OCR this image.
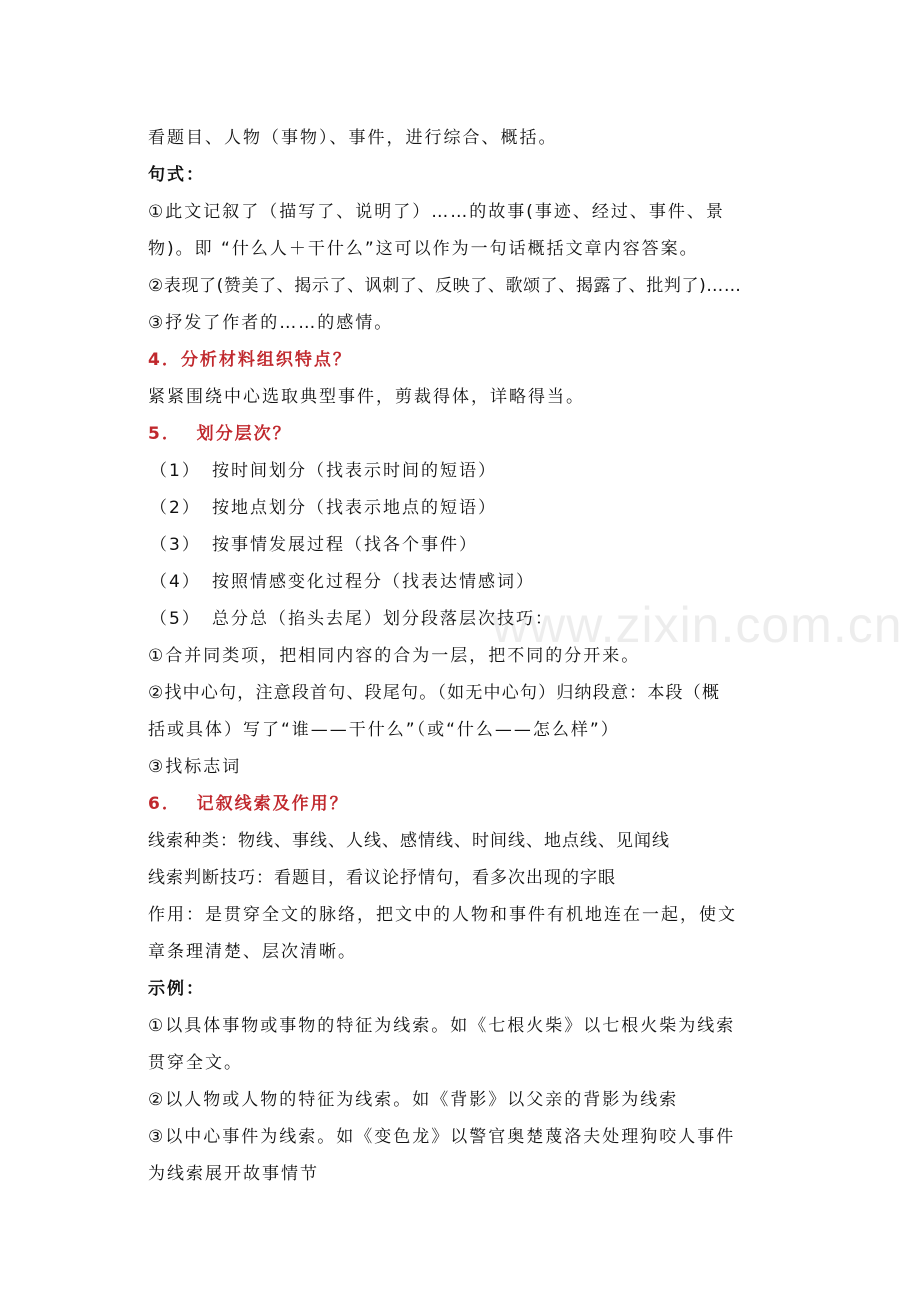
看题目、人物（事物）、事件，进行综合、概括。
句式：
①此文记叙了（描写了、说明了）……的故事(事迹、经过、事件、景
物)。即 “什么人＋干什么”这可以作为一句话概括文章内容答案。
②表现了(赞美了、揭示了、讽刺了、反映了、歌颂了、揭露了、批判了)……
③抒发了作者的……的感情。
4．分析材料组织特点？
紧紧围绕中心选取典型事件，剪裁得体，详略得当。
5．  划分层次？
（1） 按时间划分（找表示时间的短语）
（2） 按地点划分（找表示地点的短语）
（3） 按事情发展过程（找各个事件）
（4） 按照情感变化过程分（找表达情感词）
（5） 总分总（掐头去尾）划分段落层次技巧：
①合并同类项，把相同内容的合为一层，把不同的分开来。
②找中心句，注意段首句、段尾句。（如无中心句）归纳段意：本段（概
括或具体）写了“谁——干什么”（或“什么——怎么样”）
③找标志词
6．  记叙线索及作用？
线索种类：物线、事线、人线、感情线、时间线、地点线、见闻线
线索判断技巧：看题目，看议论抒情句，看多次出现的字眼
作用：是贯穿全文的脉络，把文中的人物和事件有机地连在一起，使文
章条理清楚、层次清晰。
示例：
①以具体事物或事物的特征为线索。如《七根火柴》以七根火柴为线索
贯穿全文。
②以人物或人物的特征为线索。如《背影》以父亲的背影为线索
③以中心事件为线索。如《变色龙》以警官奥楚蔑洛夫处理狗咬人事件
为线索展开故事情节
www.zixin.com.cn
